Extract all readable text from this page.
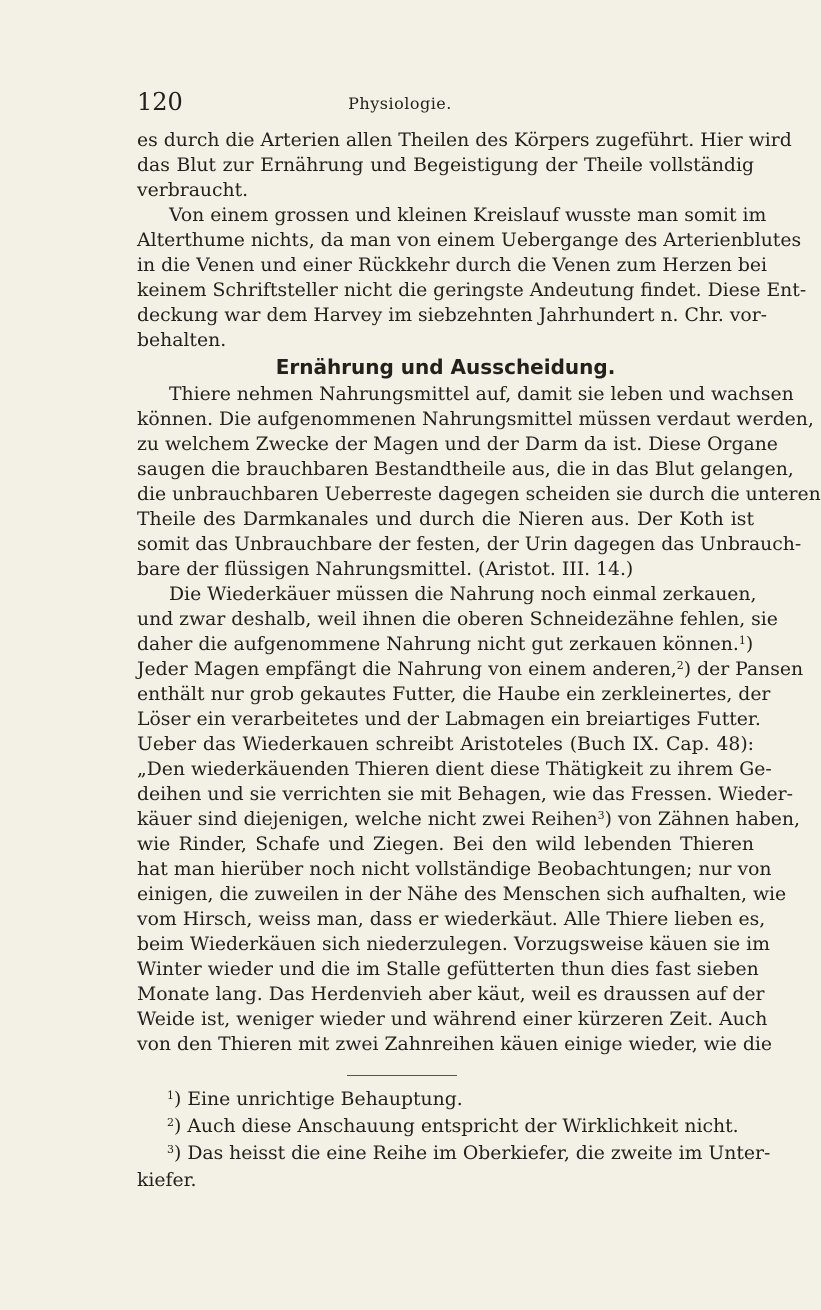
120	Physiologie.
es durch die Arterien allen Theilen des Körpers zugeführt. Hier wird
das Blut zur Ernährung und Begeistigung der Theile vollständig
verbraucht.
Von einem grossen und kleinen Kreislauf wusste man somit im
Alterthume nichts, da man von einem Uebergange des Arterienblutes
in die Venen und einer Rückkehr durch die Venen zum Herzen bei
keinem Schriftsteller nicht die geringste Andeutung findet. Diese Ent-
deckung war dem Harvey im siebzehnten Jahrhundert n. Chr. vor-
behalten.
Ernährung und Ausscheidung.
Thiere nehmen Nahrungsmittel auf, damit sie leben und wachsen
können. Die aufgenommenen Nahrungsmittel müssen verdaut werden,
zu welchem Zwecke der Magen und der Darm da ist. Diese Organe
saugen die brauchbaren Bestandtheile aus, die in das Blut gelangen,
die unbrauchbaren Ueberreste dagegen scheiden sie durch die unteren
Theile des Darmkanales und durch die Nieren aus. Der Koth ist
somit das Unbrauchbare der festen, der Urin dagegen das Unbrauch-
bare der flüssigen Nahrungsmittel. (Aristot. III. 14.)
Die Wiederkäuer müssen die Nahrung noch einmal zerkauen,
und zwar deshalb, weil ihnen die oberen Schneidezähne fehlen, sie
daher die aufgenommene Nahrung nicht gut zerkauen können.$^1$)
Jeder Magen empfängt die Nahrung von einem anderen,$^2$) der Pansen
enthält nur grob gekautes Futter, die Haube ein zerkleinertes, der
Löser ein verarbeitetes und der Labmagen ein breiartiges Futter.
Ueber das Wiederkauen schreibt Aristoteles (Buch IX. Cap. 48):
„Den wiederkäuenden Thieren dient diese Thätigkeit zu ihrem Ge-
deihen und sie verrichten sie mit Behagen, wie das Fressen. Wieder-
käuer sind diejenigen, welche nicht zwei Reihen$^3$) von Zähnen haben,
wie Rinder, Schafe und Ziegen. Bei den wild lebenden Thieren
hat man hierüber noch nicht vollständige Beobachtungen; nur von
einigen, die zuweilen in der Nähe des Menschen sich aufhalten, wie
vom Hirsch, weiss man, dass er wiederkäut. Alle Thiere lieben es,
beim Wiederkäuen sich niederzulegen. Vorzugsweise käuen sie im
Winter wieder und die im Stalle gefütterten thun dies fast sieben
Monate lang. Das Herdenvieh aber käut, weil es draussen auf der
Weide ist, weniger wieder und während einer kürzeren Zeit. Auch
von den Thieren mit zwei Zahnreihen käuen einige wieder, wie die
$^1$) Eine unrichtige Behauptung.
$^2$) Auch diese Anschauung entspricht der Wirklichkeit nicht.
$^3$) Das heisst die eine Reihe im Oberkiefer, die zweite im Unter-
kiefer.
